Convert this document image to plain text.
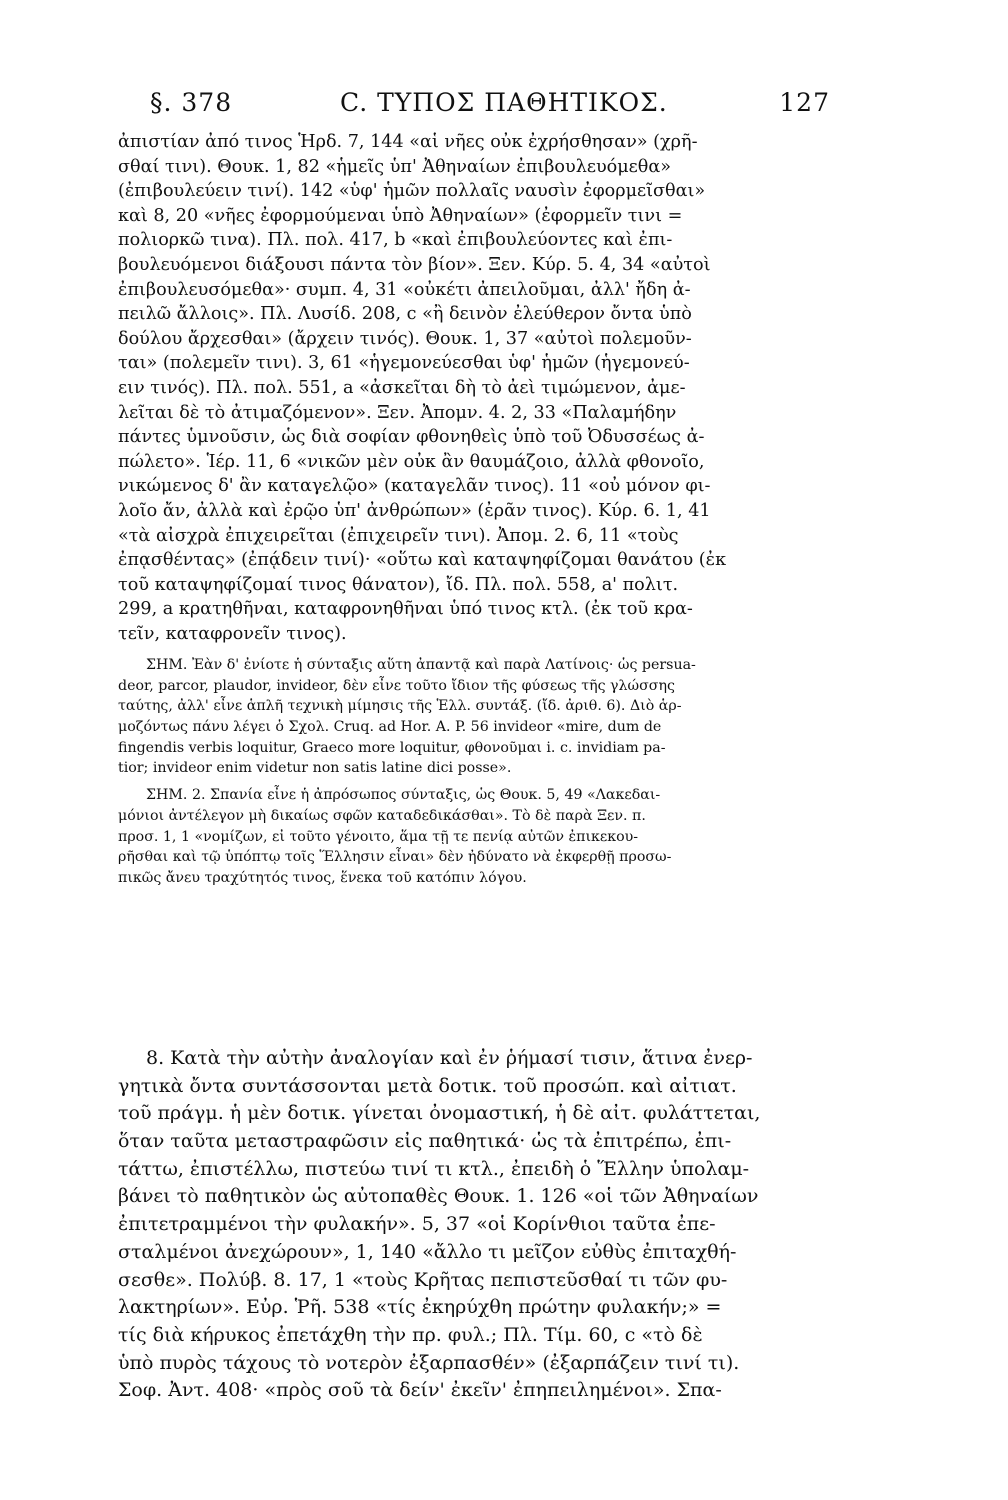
§. 378	C. ΤΥΠΟΣ ΠΑΘΗΤΙΚΟΣ.	127
ἀπιστίαν ἀπό τινος Ἡρδ. 7, 144 «αἱ νῆες οὐκ ἐχρήσθησαν» (χρῆ-
σθαί τινι). Θουκ. 1, 82 «ἡμεῖς ὑπ' Ἀθηναίων ἐπιβουλευόμεθα»
(ἐπιβουλεύειν τινί). 142 «ὑφ' ἡμῶν πολλαῖς ναυσὶν ἐφορμεῖσθαι»
καὶ 8, 20 «νῆες ἐφορμούμεναι ὑπὸ Ἀθηναίων» (ἐφορμεῖν τινι =
πολιορκῶ τινα). Πλ. πολ. 417, b «καὶ ἐπιβουλεύοντες καὶ ἐπι-
βουλευόμενοι διάξουσι πάντα τὸν βίον». Ξεν. Κύρ. 5. 4, 34 «αὐτοὶ
ἐπιβουλευσόμεθα»· συμπ. 4, 31 «οὐκέτι ἀπειλοῦμαι, ἀλλ' ἤδη ἀ-
πειλῶ ἄλλοις». Πλ. Λυσίδ. 208, c «ἢ δεινὸν ἐλεύθερον ὄντα ὑπὸ
δούλου ἄρχεσθαι» (ἄρχειν τινός). Θουκ. 1, 37 «αὐτοὶ πολεμοῦν-
ται» (πολεμεῖν τινι). 3, 61 «ἡγεμονεύεσθαι ὑφ' ἡμῶν (ἡγεμονεύ-
ειν τινός). Πλ. πολ. 551, a «ἀσκεῖται δὴ τὸ ἀεὶ τιμώμενον, ἀμε-
λεῖται δὲ τὸ ἀτιμαζόμενον». Ξεν. Ἀπομν. 4. 2, 33 «Παλαμήδην
πάντες ὑμνοῦσιν, ὡς διὰ σοφίαν φθονηθεὶς ὑπὸ τοῦ Ὀδυσσέως ἀ-
πώλετο». Ἱέρ. 11, 6 «νικῶν μὲν οὐκ ἂν θαυμάζοιο, ἀλλὰ φθονοῖο,
νικώμενος δ' ἂν καταγελῷο» (καταγελᾶν τινος). 11 «οὐ μόνον φι-
λοῖο ἄν, ἀλλὰ καὶ ἐρῷο ὑπ' ἀνθρώπων» (ἐρᾶν τινος). Κύρ. 6. 1, 41
«τὰ αἰσχρὰ ἐπιχειρεῖται (ἐπιχειρεῖν τινι). Ἀπομ. 2. 6, 11 «τοὺς
ἐπᾳσθέντας» (ἐπᾴδειν τινί)· «οὕτω καὶ καταψηφίζομαι θανάτου (ἐκ
τοῦ καταψηφίζομαί τινος θάνατον), ἴδ. Πλ. πολ. 558, a' πολιτ.
299, a κρατηθῆναι, καταφρονηθῆναι ὑπό τινος κτλ. (ἐκ τοῦ κρα-
τεῖν, καταφρονεῖν τινος).
ΣΗΜ. Ἐὰν δ' ἐνίοτε ἡ σύνταξις αὕτη ἀπαντᾷ καὶ παρὰ Λατίνοις· ὡς persua-
deor, parcor, plaudor, invideor, δὲν εἶνε τοῦτο ἴδιον τῆς φύσεως τῆς γλώσσης
ταύτης, ἀλλ' εἶνε ἁπλῆ τεχνικὴ μίμησις τῆς Ἑλλ. συντάξ. (ἴδ. ἀριθ. 6). Διὸ ἁρ-
μοζόντως πάνυ λέγει ὁ Σχολ. Cruq. ad Hor. A. P. 56 invideor «mire, dum de
fingendis verbis loquitur, Graeco more loquitur, φθονοῦμαι i. c. invidiam pa-
tior; invideor enim videtur non satis latine dici posse».
ΣΗΜ. 2. Σπανία εἶνε ἡ ἀπρόσωπος σύνταξις, ὡς Θουκ. 5, 49 «Λακεδαι-
μόνιοι ἀντέλεγον μὴ δικαίως σφῶν καταδεδικάσθαι». Τὸ δὲ παρὰ Ξεν. π.
προσ. 1, 1 «νομίζων, εἰ τοῦτο γένοιτο, ἅμα τῇ τε πενίᾳ αὐτῶν ἐπικεκου-
ρῆσθαι καὶ τῷ ὑπόπτῳ τοῖς Ἕλλησιν εἶναι» δὲν ἠδύνατο νὰ ἐκφερθῇ προσω-
πικῶς ἄνευ τραχύτητός τινος, ἕνεκα τοῦ κατόπιν λόγου.
8. Κατὰ τὴν αὐτὴν ἀναλογίαν καὶ ἐν ῥήμασί τισιν, ἅτινα ἐνερ-
γητικὰ ὄντα συντάσσονται μετὰ δοτικ. τοῦ προσώπ. καὶ αἰτιατ.
τοῦ πράγμ. ἡ μὲν δοτικ. γίνεται ὀνομαστική, ἡ δὲ αἰτ. φυλάττεται,
ὅταν ταῦτα μεταστραφῶσιν εἰς παθητικά· ὡς τὰ ἐπιτρέπω, ἐπι-
τάττω, ἐπιστέλλω, πιστεύω τινί τι κτλ., ἐπειδὴ ὁ Ἕλλην ὑπολαμ-
βάνει τὸ παθητικὸν ὡς αὐτοπαθὲς Θουκ. 1. 126 «οἱ τῶν Ἀθηναίων
ἐπιτετραμμένοι τὴν φυλακήν». 5, 37 «οἱ Κορίνθιοι ταῦτα ἐπε-
σταλμένοι ἀνεχώρουν», 1, 140 «ἄλλο τι μεῖζον εὐθὺς ἐπιταχθή-
σεσθε». Πολύβ. 8. 17, 1 «τοὺς Κρῆτας πεπιστεῦσθαί τι τῶν φυ-
λακτηρίων». Εὐρ. Ῥῆ. 538 «τίς ἐκηρύχθη πρώτην φυλακήν;» =
τίς διὰ κήρυκος ἐπετάχθη τὴν πρ. φυλ.; Πλ. Τίμ. 60, c «τὸ δὲ
ὑπὸ πυρὸς τάχους τὸ νοτερὸν ἐξαρπασθέν» (ἐξαρπάζειν τινί τι).
Σοφ. Ἀντ. 408· «πρὸς σοῦ τὰ δείν' ἐκεῖν' ἐπηπειλημένοι». Σπα-
